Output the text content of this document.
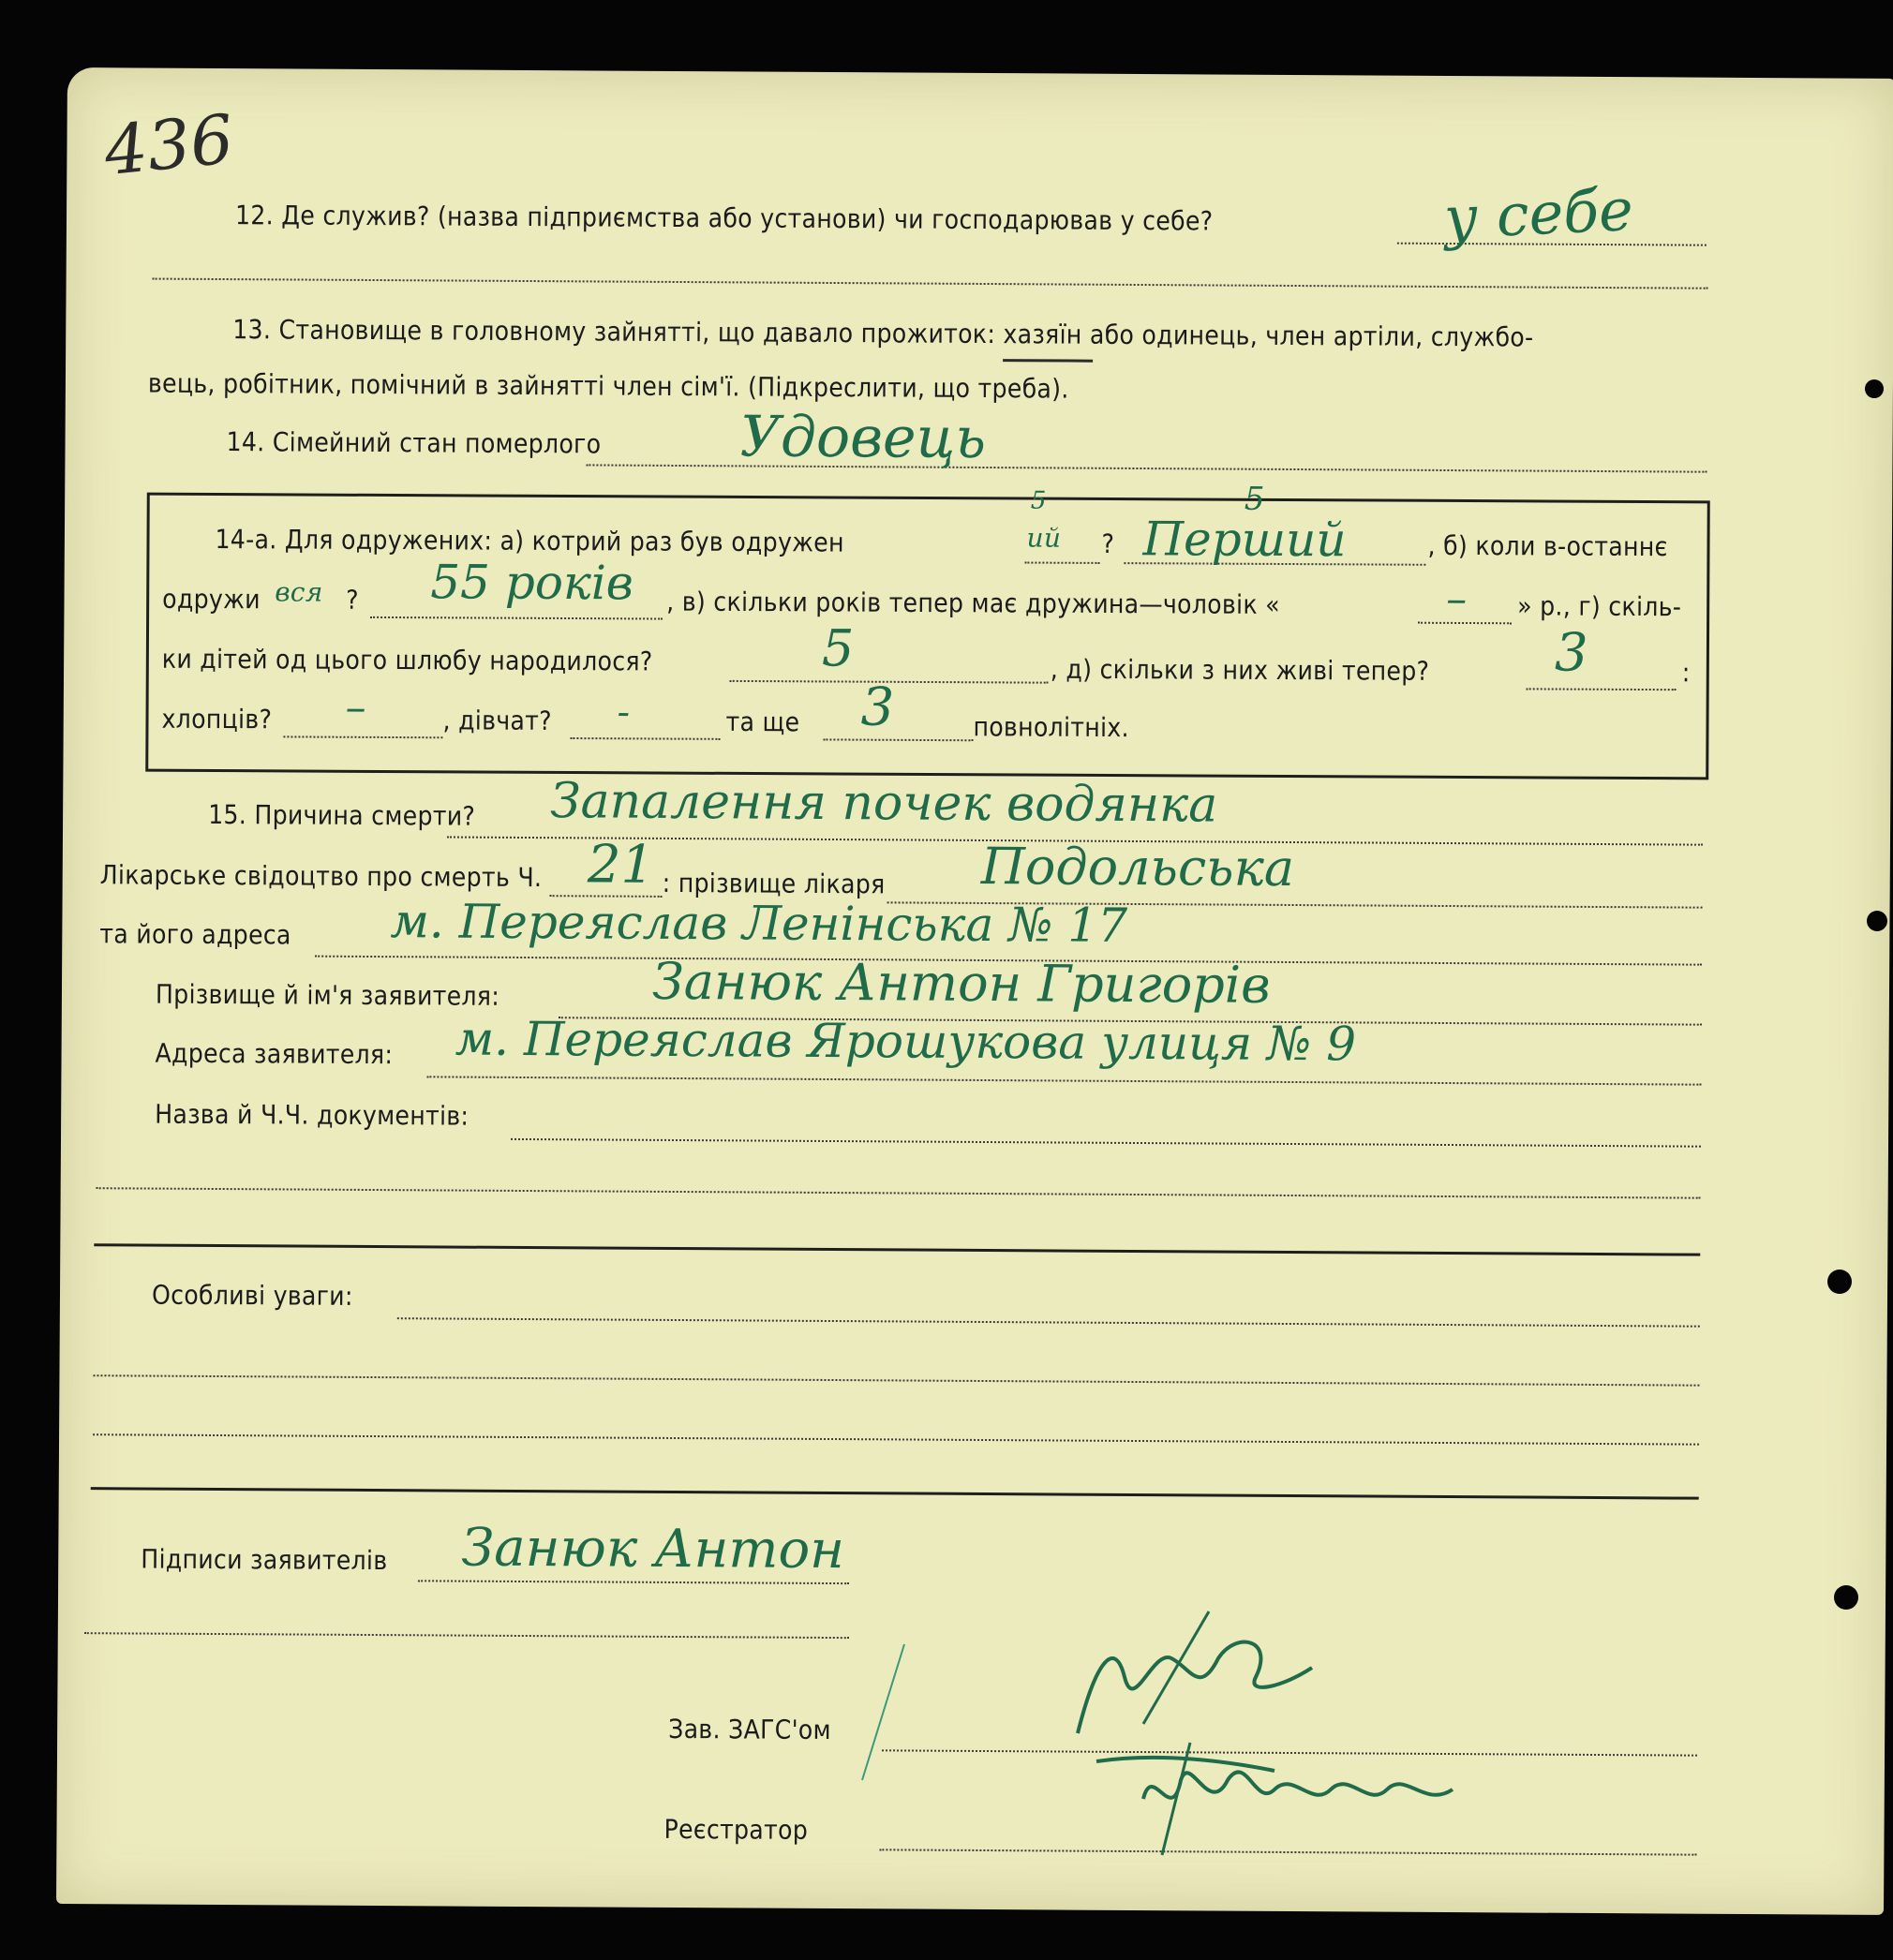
436
12. Де служив? (назва підприємства або установи) чи господарював у себе?	у себе
13. Становище в головному зайнятті, що давало прожиток: хазяїн або одинець, член артіли, службо-
вець, робітник, помічний в зайнятті член сім'ї. (Підкреслити, що треба).
14. Сімейний стан померлого Удовець
15. Причина смерти? Запалення почек водянка
Лікарське свідоцтво про смерть Ч. 21 : прізвище лікаря Подольська
та його адреса м. Переяслав Ленінська № 17
Прізвище й ім'я заявителя:	Занюк Антон Григорів
Адреса заявителя: м. Переяслав Ярошукова улиця № 9
Назва й Ч.Ч. документів:
Особливі уваги:
Підписи заявителів Занюк Антон
Зав. ЗАГС'ом
Реєстратор
14-а. Для одружених: а) котрий раз був одружен	ий ? Перший	, б) коли в-останнє
5	5
одружи вся ? 55 років , в) скільки років тепер має дружина—чоловік «	– » р., г) скіль-
ки дітей од цього шлюбу народилося?	5	, д) скільки з них живі тепер? 3	:
хлопців? –	, дівчат? -	та ще 3	повнолітніх.
